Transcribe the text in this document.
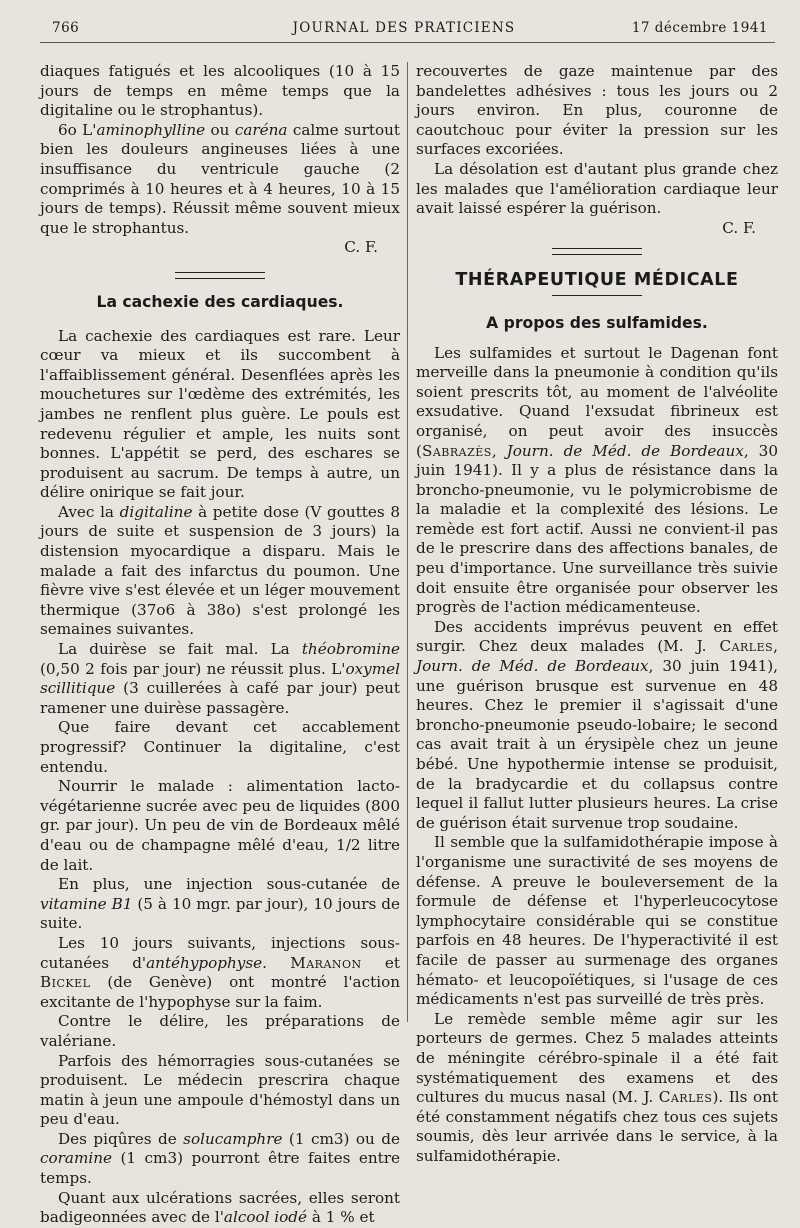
766	JOURNAL DES PRATICIENS	17 décembre 1941

diaques fatigués et les alcooliques (10 à 15 jours de temps en même temps que la digitaline ou le strophantus).

6o L'aminophylline ou caréna calme surtout bien les douleurs angineuses liées à une insuffisance du ventricule gauche (2 comprimés à 10 heures et à 4 heures, 10 à 15 jours de temps). Réussit même souvent mieux que le strophantus.

C. F.

La cachexie des cardiaques.

La cachexie des cardiaques est rare. Leur cœur va mieux et ils succombent à l'affaiblissement général. Desenflées après les mouchetures sur l'œdème des extrémités, les jambes ne renflent plus guère. Le pouls est redevenu régulier et ample, les nuits sont bonnes. L'appétit se perd, des eschares se produisent au sacrum. De temps à autre, un délire onirique se fait jour.

Avec la digitaline à petite dose (V gouttes 8 jours de suite et suspension de 3 jours) la distension myocardique a disparu. Mais le malade a fait des infarctus du poumon. Une fièvre vive s'est élevée et un léger mouvement thermique (37o6 à 38o) s'est prolongé les semaines suivantes.

La duirèse se fait mal. La théobromine (0,50 2 fois par jour) ne réussit plus. L'oxymel scillitique (3 cuillerées à café par jour) peut ramener une duirèse passagère.

Que faire devant cet accablement progressif? Continuer la digitaline, c'est entendu.

Nourrir le malade : alimentation lacto-végétarienne sucrée avec peu de liquides (800 gr. par jour). Un peu de vin de Bordeaux mêlé d'eau ou de champagne mêlé d'eau, 1/2 litre de lait.

En plus, une injection sous-cutanée de vitamine B1 (5 à 10 mgr. par jour), 10 jours de suite.

Les 10 jours suivants, injections sous-cutanées d'antéhypophyse. Maranon et Bickel (de Genève) ont montré l'action excitante de l'hypophyse sur la faim.

Contre le délire, les préparations de valériane.

Parfois des hémorragies sous-cutanées se produisent. Le médecin prescrira chaque matin à jeun une ampoule d'hémostyl dans un peu d'eau.

Des piqûres de solucamphre (1 cm3) ou de coramine (1 cm3) pourront être faites entre temps.

Quant aux ulcérations sacrées, elles seront badigeonnées avec de l'alcool iodé à 1 % et

recouvertes de gaze maintenue par des bandelettes adhésives : tous les jours ou 2 jours environ. En plus, couronne de caoutchouc pour éviter la pression sur les surfaces excoriées.

La désolation est d'autant plus grande chez les malades que l'amélioration cardiaque leur avait laissé espérer la guérison.

C. F.

THÉRAPEUTIQUE MÉDICALE
A propos des sulfamides.

Les sulfamides et surtout le Dagenan font merveille dans la pneumonie à condition qu'ils soient prescrits tôt, au moment de l'alvéolite exsudative. Quand l'exsudat fibrineux est organisé, on peut avoir des insuccès (Sabrazès, Journ. de Méd. de Bordeaux, 30 juin 1941). Il y a plus de résistance dans la broncho-pneumonie, vu le polymicrobisme de la maladie et la complexité des lésions. Le remède est fort actif. Aussi ne convient-il pas de le prescrire dans des affections banales, de peu d'importance. Une surveillance très suivie doit ensuite être organisée pour observer les progrès de l'action médicamenteuse.

Des accidents imprévus peuvent en effet surgir. Chez deux malades (M. J. Carles, Journ. de Méd. de Bordeaux, 30 juin 1941), une guérison brusque est survenue en 48 heures. Chez le premier il s'agissait d'une broncho-pneumonie pseudo-lobaire; le second cas avait trait à un érysipèle chez un jeune bébé. Une hypothermie intense se produisit, de la bradycardie et du collapsus contre lequel il fallut lutter plusieurs heures. La crise de guérison était survenue trop soudaine.

Il semble que la sulfamidothérapie impose à l'organisme une suractivité de ses moyens de défense. A preuve le bouleversement de la formule de défense et l'hyperleucocytose lymphocytaire considérable qui se constitue parfois en 48 heures. De l'hyperactivité il est facile de passer au surmenage des organes hémato- et leucopoïétiques, si l'usage de ces médicaments n'est pas surveillé de très près.

Le remède semble même agir sur les porteurs de germes. Chez 5 malades atteints de méningite cérébro-spinale il a été fait systématiquement des examens et des cultures du mucus nasal (M. J. Carles). Ils ont été constamment négatifs chez tous ces sujets soumis, dès leur arrivée dans le service, à la sulfamidothérapie.
